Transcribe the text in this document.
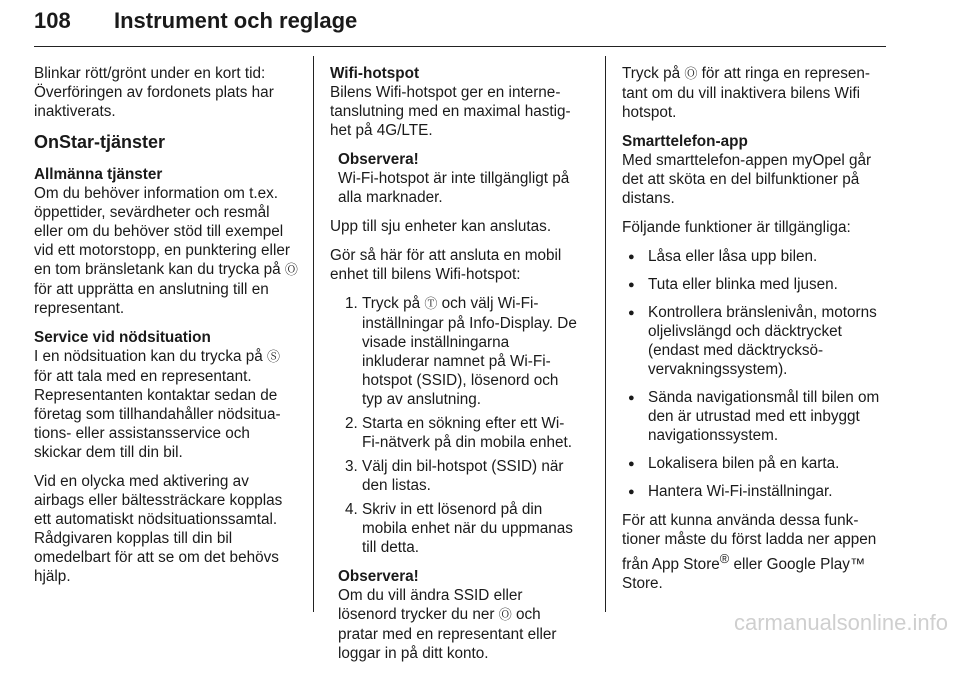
108 Instrument och reglage

Blinkar rött/grönt under en kort tid: Överföringen av fordonets plats har inaktiverats.

OnStar-tjänster
Allmänna tjänster

Om du behöver information om t.ex. öppettider, sevärdheter och resmål eller om du behöver stöd till exempel vid ett motorstopp, en punktering eller en tom bränsletank kan du trycka på Ⓞ för att upprätta en anslutning till en representant.

Service vid nödsituation

I en nödsituation kan du trycka på Ⓢ för att tala med en representant. Representanten kontaktar sedan de företag som tillhandahåller nödsituations- eller assistansservice och skickar dem till din bil.

Vid en olycka med aktivering av airbags eller bältessträckare kopplas ett automatiskt nödsituationssamtal. Rådgivaren kopplas till din bil omedelbart för att se om det behövs hjälp.

Wifi-hotspot

Bilens Wifi-hotspot ger en internetanslutning med en maximal hastighet på 4G/LTE.

Observera!
Wi-Fi-hotspot är inte tillgängligt på alla marknader.

Upp till sju enheter kan anslutas.

Gör så här för att ansluta en mobil enhet till bilens Wifi-hotspot:

1. Tryck på Ⓣ och välj Wi-Fi-inställningar på Info-Display. De visade inställningarna inkluderar namnet på Wi-Fi-hotspot (SSID), lösenord och typ av anslutning.
2. Starta en sökning efter ett Wi-Fi-nätverk på din mobila enhet.
3. Välj din bil-hotspot (SSID) när den listas.
4. Skriv in ett lösenord på din mobila enhet när du uppmanas till detta.
Observera!
Om du vill ändra SSID eller lösenord trycker du ner Ⓞ och pratar med en representant eller loggar in på ditt konto.

Tryck på Ⓞ för att ringa en representant om du vill inaktivera bilens Wifi hotspot.

Smarttelefon-app

Med smarttelefon-appen myOpel går det att sköta en del bilfunktioner på distans.

Följande funktioner är tillgängliga:

● Låsa eller låsa upp bilen.
● Tuta eller blinka med ljusen.
● Kontrollera bränslenivån, motorns oljelivslängd och däcktrycket (endast med däcktrycksövervakningssystem).
● Sända navigationsmål till bilen om den är utrustad med ett inbyggt navigationssystem.
● Lokalisera bilen på en karta.
● Hantera Wi-Fi-inställningar.

För att kunna använda dessa funktioner måste du först ladda ner appen från App Store® eller Google Play™ Store.

carmanualsonline.info
